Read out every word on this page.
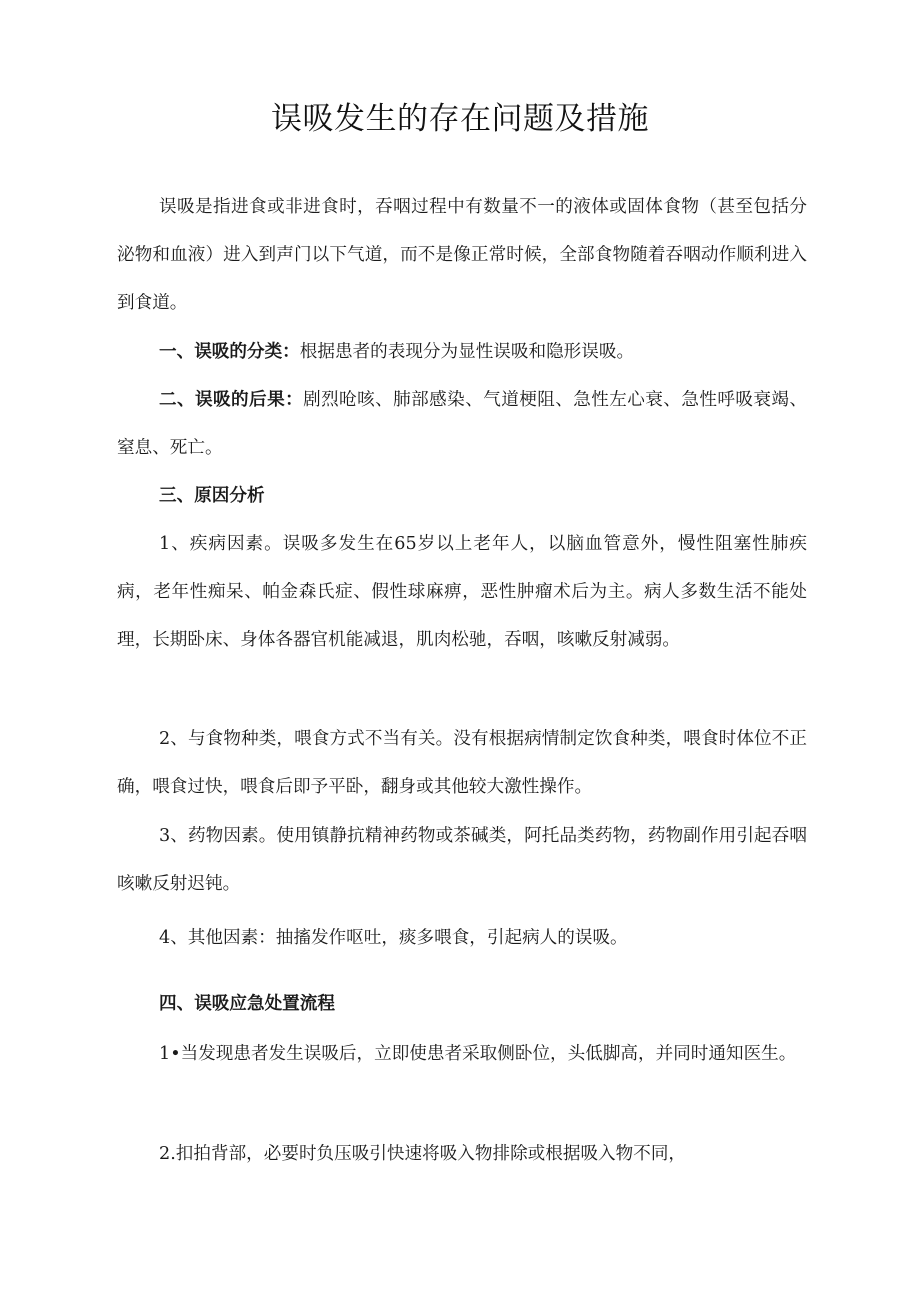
误吸发生的存在问题及措施

误吸是指进食或非进食时，吞咽过程中有数量不一的液体或固体食物（甚至包括分泌物和血液）进入到声门以下气道，而不是像正常时候，全部食物随着吞咽动作顺利进入到食道。

一、误吸的分类：根据患者的表现分为显性误吸和隐形误吸。

二、误吸的后果：剧烈呛咳、肺部感染、气道梗阻、急性左心衰、急性呼吸衰竭、窒息、死亡。

三、原因分析

1、疾病因素。误吸多发生在65岁以上老年人，以脑血管意外，慢性阻塞性肺疾病，老年性痴呆、帕金森氏症、假性球麻痹，恶性肿瘤术后为主。病人多数生活不能处理，长期卧床、身体各器官机能减退，肌肉松驰，吞咽，咳嗽反射减弱。

2、与食物种类，喂食方式不当有关。没有根据病情制定饮食种类，喂食时体位不正确，喂食过快，喂食后即予平卧，翻身或其他较大激性操作。

3、药物因素。使用镇静抗精神药物或茶碱类，阿托品类药物，药物副作用引起吞咽咳嗽反射迟钝。

4、其他因素：抽搐发作呕吐，痰多喂食，引起病人的误吸。

四、误吸应急处置流程

1•当发现患者发生误吸后，立即使患者采取侧卧位，头低脚高，并同时通知医生。

2.扣拍背部，必要时负压吸引快速将吸入物排除或根据吸入物不同，
